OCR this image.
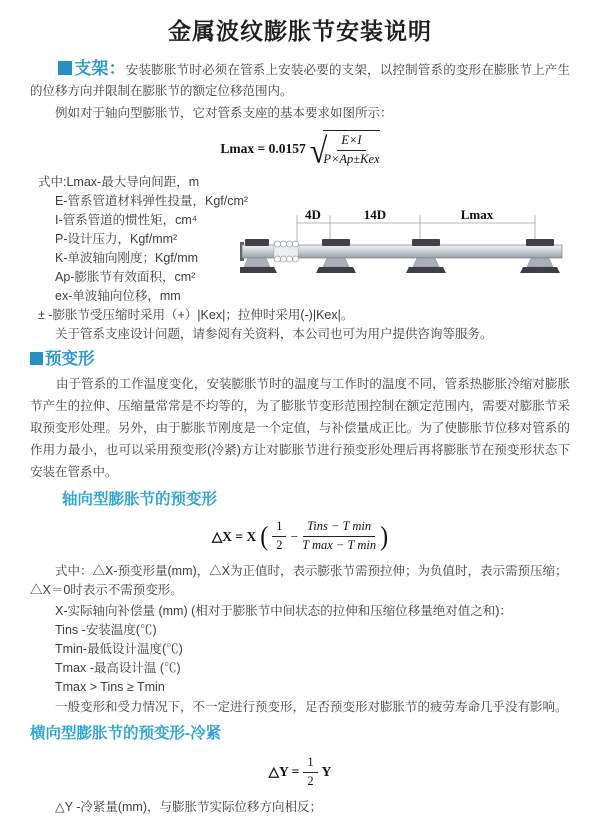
金属波纹膨胀节安装说明

支架：安装膨胀节时必须在管系上安装必要的支架，以控制管系的变形在膨胀节上产生的位移方向并限制在膨胀节的额定位移范围内。

例如对于轴向型膨胀节，它对管系支座的基本要求如图所示：

Lmax = 0.0157 √
$\frac{E\times I}{\text{P×Ap±Kex}}$
式中:Lmax-最大导向间距，m
E-管系管道材料弹性投量，Kgf/cm²
I-管系管道的惯性矩，cm⁴
P-设计压力，Kgf/mm²
K-单波轴向刚度；Kgf/mm
Ap-膨胀节有效面积，cm²
ex-单波轴向位移，mm
± -膨胀节受压缩时采用（+）|Kex|；拉伸时采用(-)|Kex|。
关于管系支座设计问题，请参阅有关资料，本公司也可为用户提供咨询等服务。
4D	14D	Lmax

预变形

由于管系的工作温度变化，安装膨胀节时的温度与工作时的温度不同，管系热膨胀冷缩对膨胀节产生的拉伸、压缩量常常是不均等的，为了膨胀节变形范围控制在额定范围内，需要对膨胀节采取预变形处理。另外，由于膨胀节刚度是一个定值，与补偿量成正比。为了使膨胀节位移对管系的作用力最小，也可以采用预变形(冷紧)方让对膨胀节进行预变形处理后再将膨胀节在预变形状态下安装在管系中。

轴向型膨胀节的预变形
△X = X ( $\frac{1}{2} - \frac{\text{Tins − T min}}{\text{T max − T min}}$ )

式中：△X-预变形量(mm)，△X为正值时，表示膨张节需预拉伸；为负值时，表示需预压缩；△X＝0时表示不需预变形。

X-实际轴向补偿量 (mm) (相对于膨胀节中间状态的拉伸和压缩位移量绝对值之和)：
Tins -安装温度(℃)
Tmin-最低设计温度(℃)
Tmax -最高设计温 (℃)
Tmax > Tins ≥ Tmin

一般变形和受力情况下，不一定进行预变形，足否预变形对膨胀节的疲劳寿命几乎没有影响。

横向型膨胀节的预变形-冷紧
△Y = $\frac{1}{2}$ Y

△Y -冷紧量(mm)，与膨胀节实际位移方向相反；
